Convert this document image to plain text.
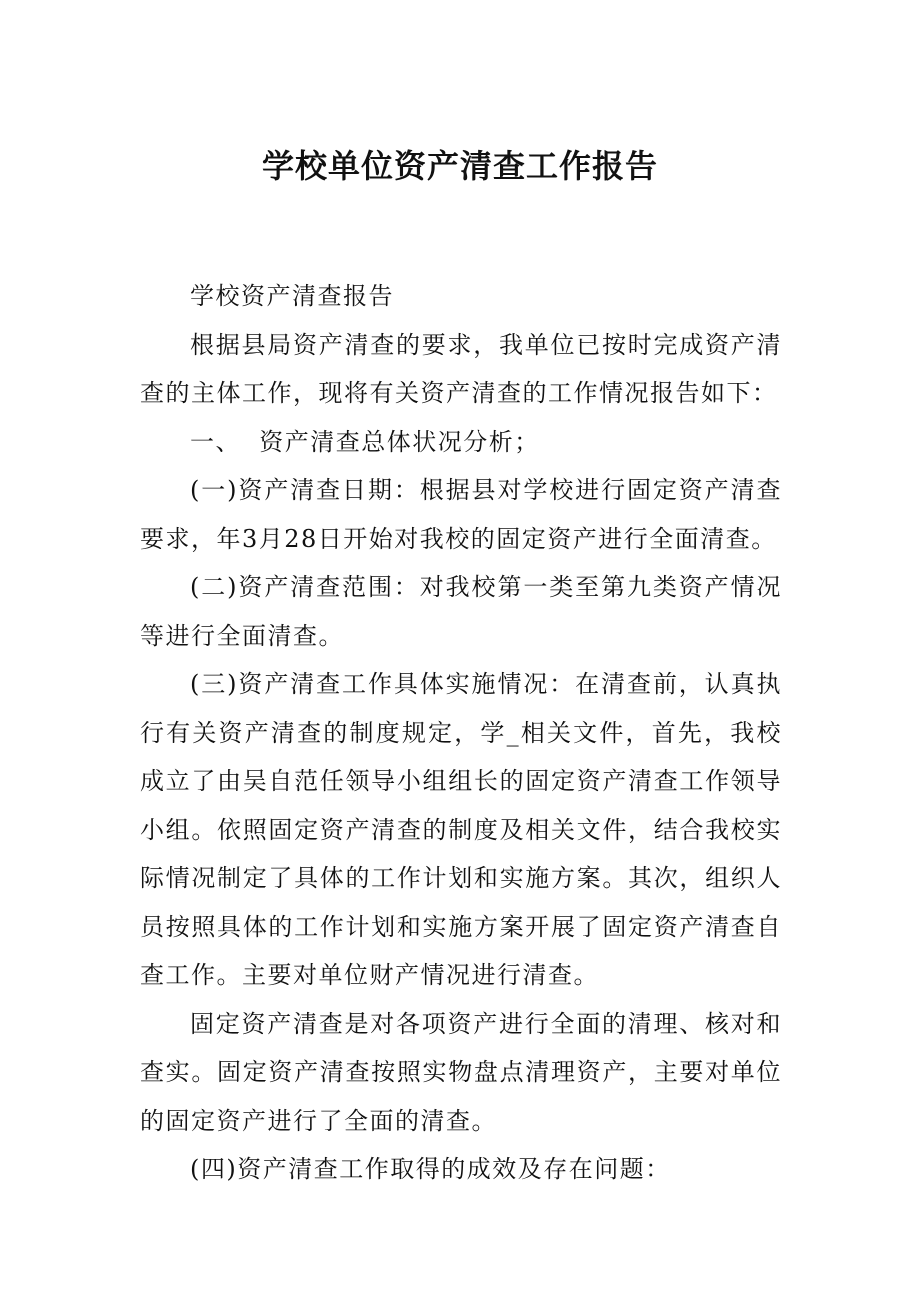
学校单位资产清查工作报告

学校资产清查报告

根据县局资产清查的要求，我单位已按时完成资产清查的主体工作，现将有关资产清查的工作情况报告如下：

一、  资产清查总体状况分析；

(一)资产清查日期：根据县对学校进行固定资产清查要求，年3月28日开始对我校的固定资产进行全面清查。

(二)资产清查范围：对我校第一类至第九类资产情况等进行全面清查。

(三)资产清查工作具体实施情况：在清查前，认真执行有关资产清查的制度规定，学_相关文件，首先，我校成立了由吴自范任领导小组组长的固定资产清查工作领导小组。依照固定资产清查的制度及相关文件，结合我校实际情况制定了具体的工作计划和实施方案。其次，组织人员按照具体的工作计划和实施方案开展了固定资产清查自查工作。主要对单位财产情况进行清查。

固定资产清查是对各项资产进行全面的清理、核对和查实。固定资产清查按照实物盘点清理资产，主要对单位的固定资产进行了全面的清查。

(四)资产清查工作取得的成效及存在问题：
